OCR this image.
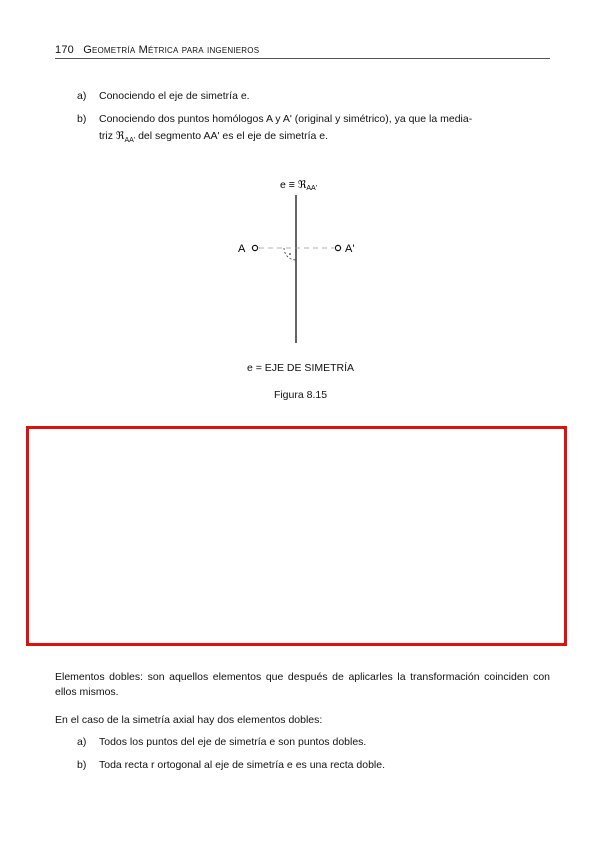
170 Geometría Métrica para ingenieros
a) Conociendo el eje de simetría e.
b) Conociendo dos puntos homólogos A y A' (original y simétrico), ya que la media-
triz ℜ$_{AA'}$ del segmento AA' es el eje de simetría e.
A	A'
e ≡ ℜAA'
e = EJE DE SIMETRÍA
Figura 8.15
Elementos dobles: son aquellos elementos que después de aplicarles la transformación coinciden con ellos mismos.
En el caso de la simetría axial hay dos elementos dobles:
a) Todos los puntos del eje de simetría e son puntos dobles.
b) Toda recta r ortogonal al eje de simetría e es una recta doble.
